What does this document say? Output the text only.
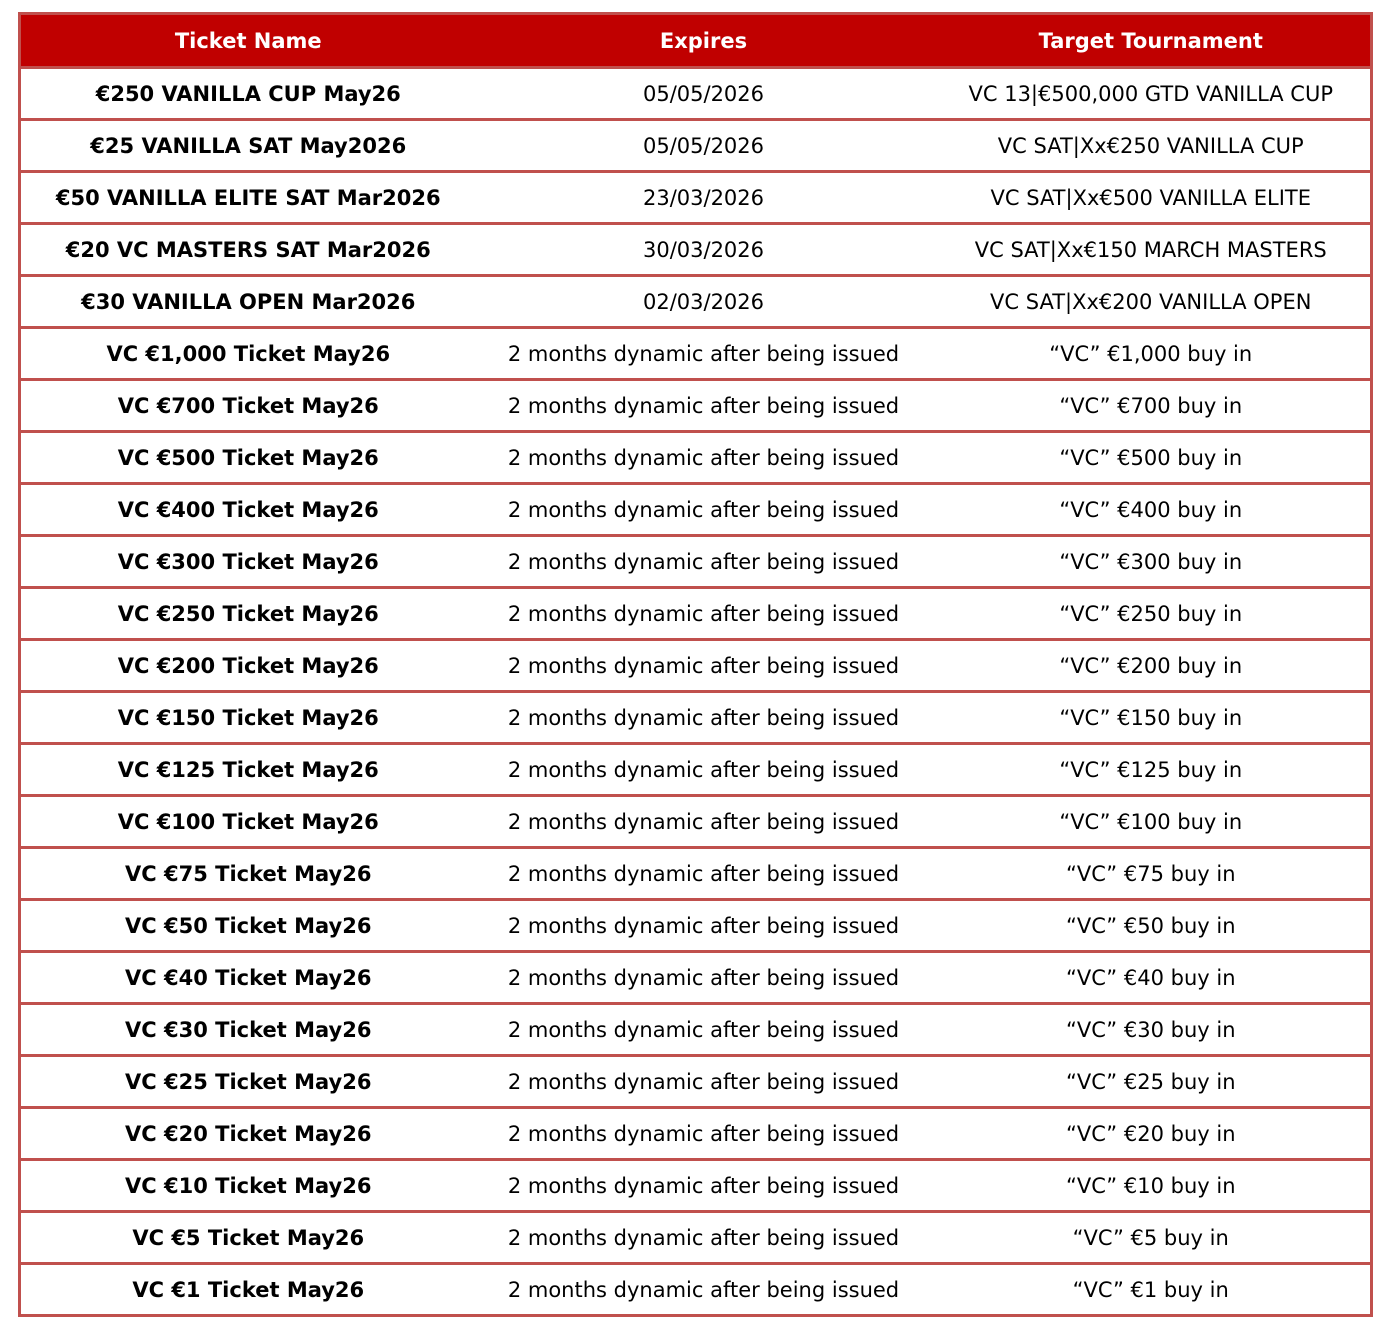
Ticket Name	Expires	Target Tournament
€250 VANILLA CUP May26	05/05/2026	VC 13|€500,000 GTD VANILLA CUP
€25 VANILLA SAT May2026	05/05/2026	VC SAT|Xx€250 VANILLA CUP
€50 VANILLA ELITE SAT Mar2026	23/03/2026	VC SAT|Xx€500 VANILLA ELITE
€20 VC MASTERS SAT Mar2026	30/03/2026	VC SAT|Xx€150 MARCH MASTERS
€30 VANILLA OPEN Mar2026	02/03/2026	VC SAT|Xx€200 VANILLA OPEN
VC €1,000 Ticket May26	2 months dynamic after being issued	“VC” €1,000 buy in
VC €700 Ticket May26	2 months dynamic after being issued	“VC” €700 buy in
VC €500 Ticket May26	2 months dynamic after being issued	“VC” €500 buy in
VC €400 Ticket May26	2 months dynamic after being issued	“VC” €400 buy in
VC €300 Ticket May26	2 months dynamic after being issued	“VC” €300 buy in
VC €250 Ticket May26	2 months dynamic after being issued	“VC” €250 buy in
VC €200 Ticket May26	2 months dynamic after being issued	“VC” €200 buy in
VC €150 Ticket May26	2 months dynamic after being issued	“VC” €150 buy in
VC €125 Ticket May26	2 months dynamic after being issued	“VC” €125 buy in
VC €100 Ticket May26	2 months dynamic after being issued	“VC” €100 buy in
VC €75 Ticket May26	2 months dynamic after being issued	“VC” €75 buy in
VC €50 Ticket May26	2 months dynamic after being issued	“VC” €50 buy in
VC €40 Ticket May26	2 months dynamic after being issued	“VC” €40 buy in
VC €30 Ticket May26	2 months dynamic after being issued	“VC” €30 buy in
VC €25 Ticket May26	2 months dynamic after being issued	“VC” €25 buy in
VC €20 Ticket May26	2 months dynamic after being issued	“VC” €20 buy in
VC €10 Ticket May26	2 months dynamic after being issued	“VC” €10 buy in
VC €5 Ticket May26	2 months dynamic after being issued	“VC” €5 buy in
VC €1 Ticket May26	2 months dynamic after being issued	“VC” €1 buy in
